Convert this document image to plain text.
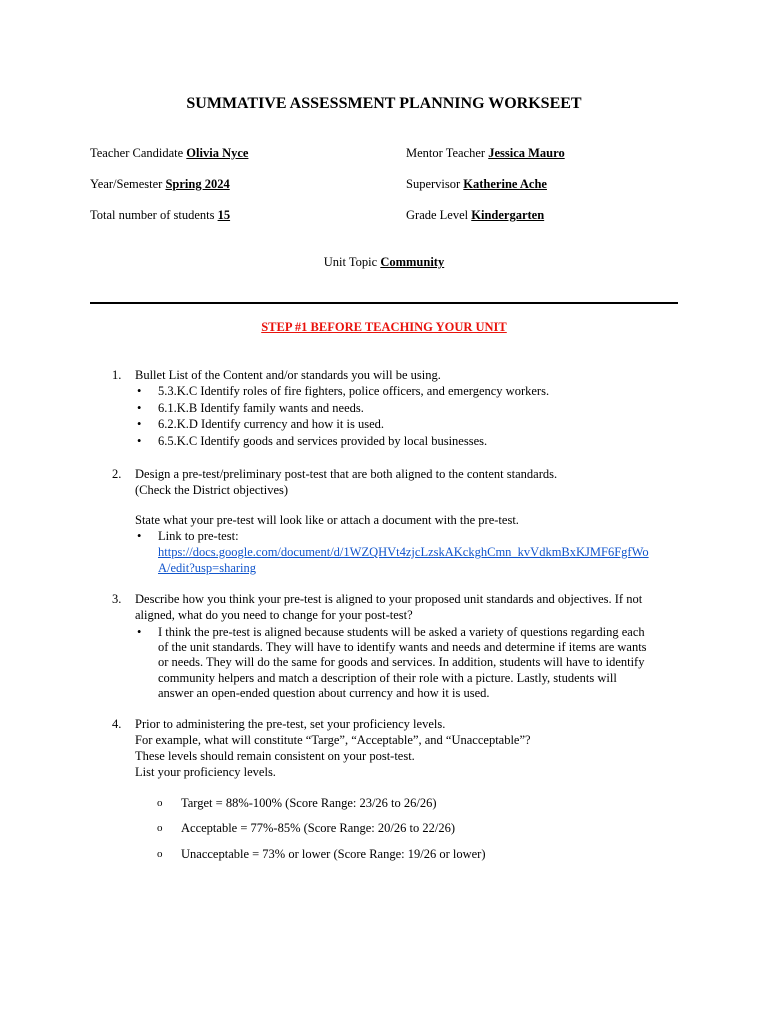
SUMMATIVE ASSESSMENT PLANNING WORKSEET
Teacher Candidate Olivia Nyce	Mentor Teacher Jessica Mauro
Year/Semester Spring 2024	Supervisor Katherine Ache
Total number of students 15	Grade Level Kindergarten
Unit Topic Community
STEP #1 BEFORE TEACHING YOUR UNIT
1. Bullet List of the Content and/or standards you will be using.
• 5.3.K.C Identify roles of fire fighters, police officers, and emergency workers.
• 6.1.K.B Identify family wants and needs.
• 6.2.K.D Identify currency and how it is used.
• 6.5.K.C Identify goods and services provided by local businesses.
2. Design a pre-test/preliminary post-test that are both aligned to the content standards.
(Check the District objectives)
State what your pre-test will look like or attach a document with the pre-test.
• Link to pre-test:
https://docs.google.com/document/d/1WZQHVt4zjcLzskAKckghCmn_kvVdkmBxKJMF6FgfWo
A/edit?usp=sharing
3. Describe how you think your pre-test is aligned to your proposed unit standards and objectives. If not
aligned, what do you need to change for your post-test?
• I think the pre-test is aligned because students will be asked a variety of questions regarding each
of the unit standards. They will have to identify wants and needs and determine if items are wants
or needs. They will do the same for goods and services. In addition, students will have to identify
community helpers and match a description of their role with a picture. Lastly, students will
answer an open-ended question about currency and how it is used.
4. Prior to administering the pre-test, set your proficiency levels.
For example, what will constitute “Targe”, “Acceptable”, and “Unacceptable”?
These levels should remain consistent on your post-test.
List your proficiency levels.
o Target = 88%-100% (Score Range: 23/26 to 26/26)
o Acceptable = 77%-85% (Score Range: 20/26 to 22/26)
o Unacceptable = 73% or lower (Score Range: 19/26 or lower)
